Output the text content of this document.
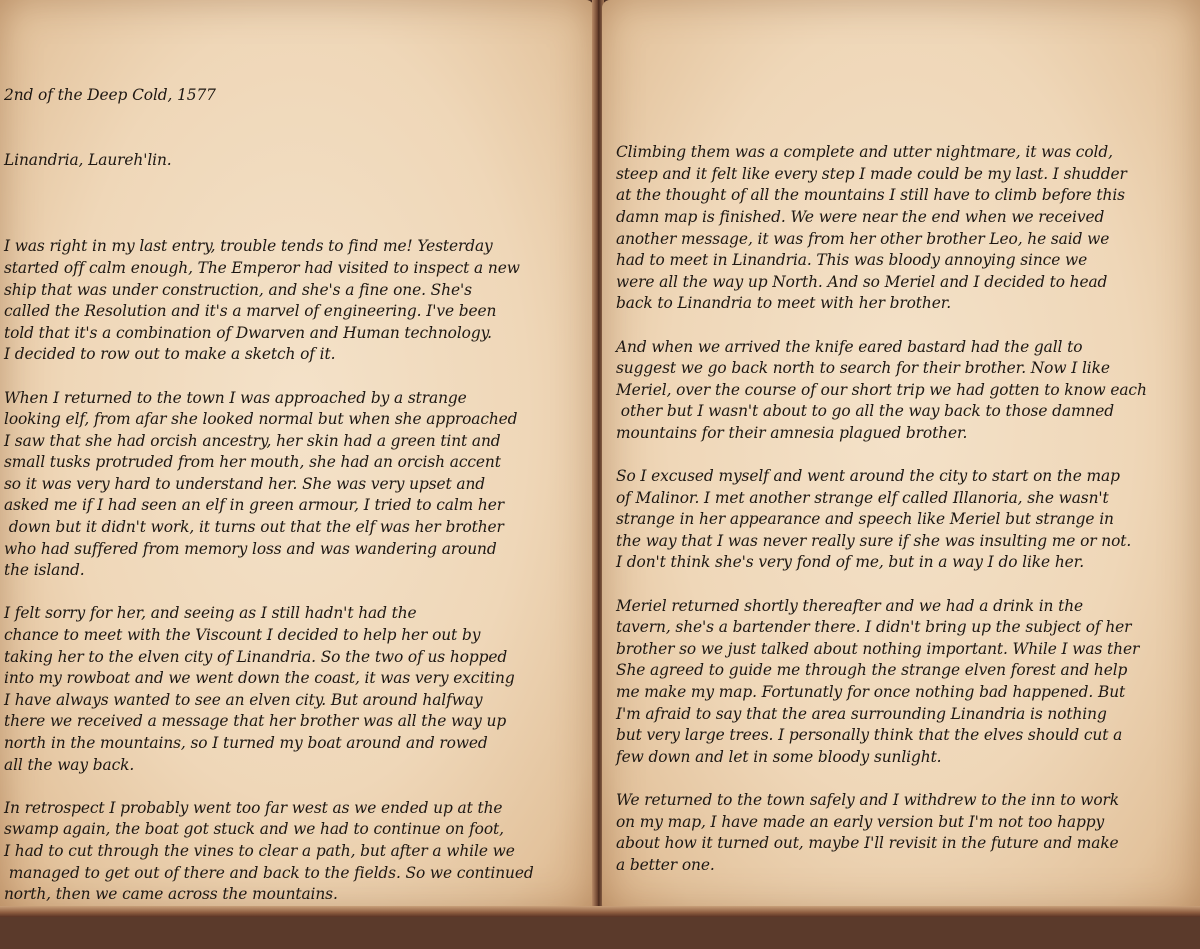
2nd of the Deep Cold, 1577

Linandria, Laureh'lin.

I was right in my last entry, trouble tends to find me! Yesterday
started off calm enough, The Emperor had visited to inspect a new
ship that was under construction, and she's a fine one. She's
called the Resolution and it's a marvel of engineering. I've been
told that it's a combination of Dwarven and Human technology.
I decided to row out to make a sketch of it.
When I returned to the town I was approached by a strange
looking elf, from afar she looked normal but when she approached
I saw that she had orcish ancestry, her skin had a green tint and
small tusks protruded from her mouth, she had an orcish accent
so it was very hard to understand her. She was very upset and
asked me if I had seen an elf in green armour, I tried to calm her
down but it didn't work, it turns out that the elf was her brother
who had suffered from memory loss and was wandering around
the island.
I felt sorry for her, and seeing as I still hadn't had the
chance to meet with the Viscount I decided to help her out by
taking her to the elven city of Linandria. So the two of us hopped
into my rowboat and we went down the coast, it was very exciting
I have always wanted to see an elven city. But around halfway
there we received a message that her brother was all the way up
north in the mountains, so I turned my boat around and rowed
all the way back.
In retrospect I probably went too far west as we ended up at the
swamp again, the boat got stuck and we had to continue on foot,
I had to cut through the vines to clear a path, but after a while we
managed to get out of there and back to the fields. So we continued
north, then we came across the mountains.

Climbing them was a complete and utter nightmare, it was cold,
steep and it felt like every step I made could be my last. I shudder
at the thought of all the mountains I still have to climb before this
damn map is finished. We were near the end when we received
another message, it was from her other brother Leo, he said we
had to meet in Linandria. This was bloody annoying since we
were all the way up North. And so Meriel and I decided to head
back to Linandria to meet with her brother.
And when we arrived the knife eared bastard had the gall to
suggest we go back north to search for their brother. Now I like
Meriel, over the course of our short trip we had gotten to know each
other but I wasn't about to go all the way back to those damned
mountains for their amnesia plagued brother.
So I excused myself and went around the city to start on the map
of Malinor. I met another strange elf called Illanoria, she wasn't
strange in her appearance and speech like Meriel but strange in
the way that I was never really sure if she was insulting me or not.
I don't think she's very fond of me, but in a way I do like her.
Meriel returned shortly thereafter and we had a drink in the
tavern, she's a bartender there. I didn't bring up the subject of her
brother so we just talked about nothing important. While I was ther
She agreed to guide me through the strange elven forest and help
me make my map. Fortunatly for once nothing bad happened. But
I'm afraid to say that the area surrounding Linandria is nothing
but very large trees. I personally think that the elves should cut a
few down and let in some bloody sunlight.
We returned to the town safely and I withdrew to the inn to work
on my map, I have made an early version but I'm not too happy
about how it turned out, maybe I'll revisit in the future and make
a better one.
